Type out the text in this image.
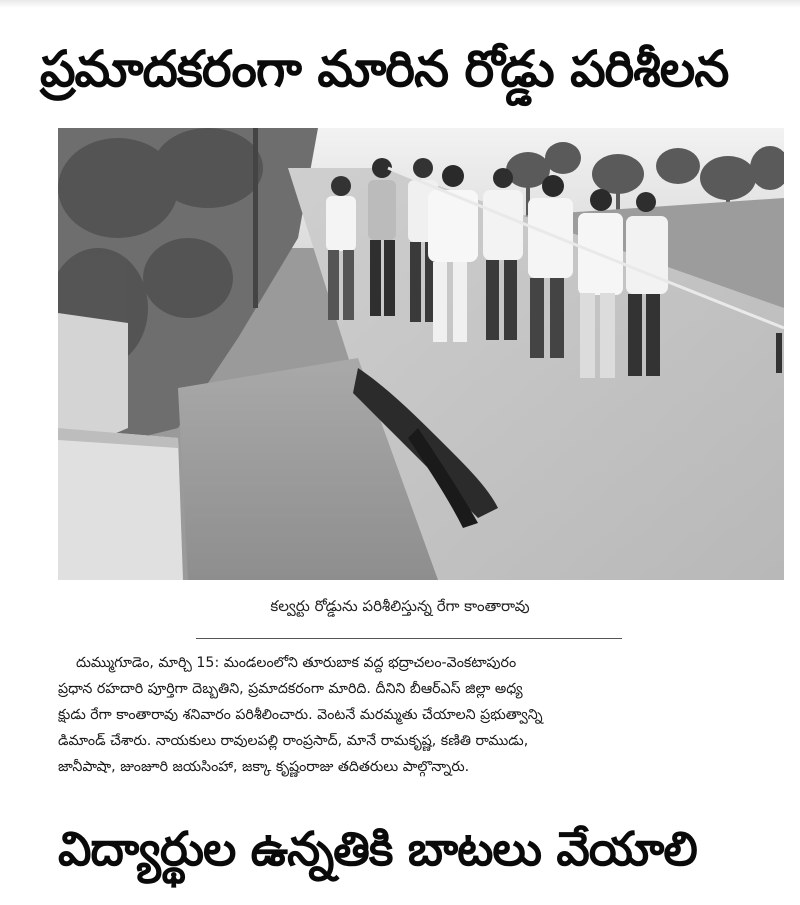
ప్రమాదకరంగా మారిన రోడ్డు పరిశీలన
కల్వర్టు రోడ్డును పరిశీలిస్తున్న రేగా కాంతారావు
దుమ్ముగూడెం, మార్చి 15: మండలంలోని తూరుబాక వద్ద భద్రాచలం-వెంకటాపురం
ప్రధాన రహదారి పూర్తిగా దెబ్బతిని, ప్రమాదకరంగా మారిది. దీనిని బీఆర్ఎస్ జిల్లా అధ్య
క్షుడు రేగా కాంతారావు శనివారం పరిశీలించారు. వెంటనే మరమ్మతు చేయాలని ప్రభుత్వాన్ని
డిమాండ్ చేశారు. నాయకులు రావులపల్లి రాంప్రసాద్, మానే రామకృష్ణ, కణితి రాముడు,
జానీపాషా, జుంజూరి జయసింహా, జక్కా కృష్ణంరాజు తదితరులు పాల్గొన్నారు.
విద్యార్థుల ఉన్నతికి బాటలు వేయాలి
